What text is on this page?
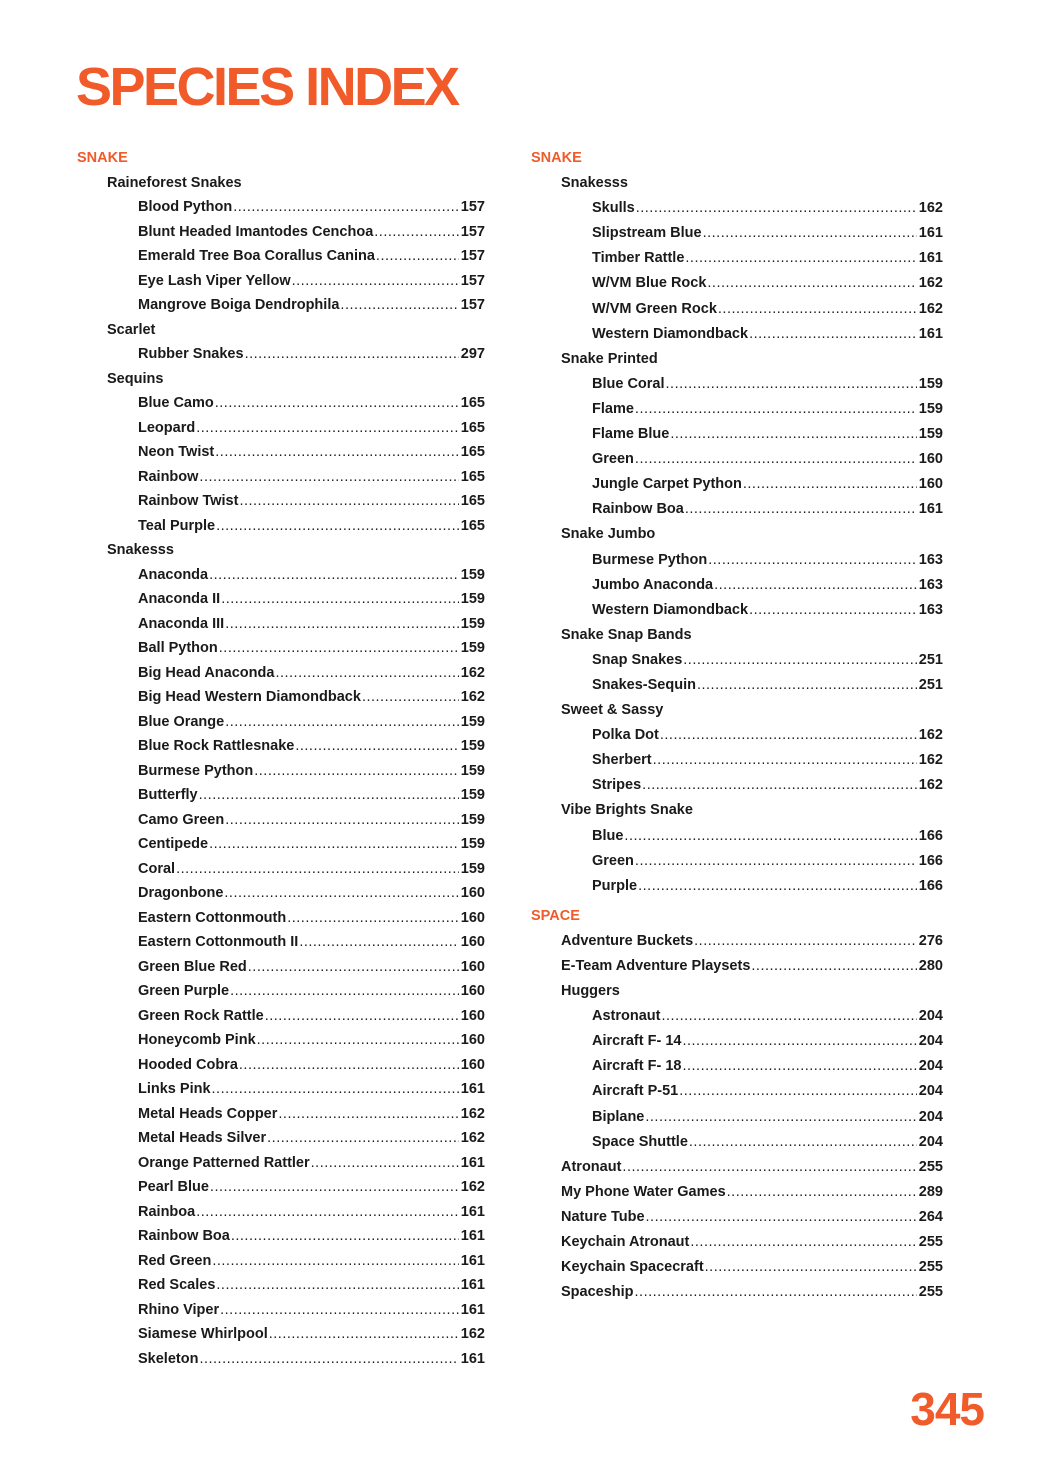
SPECIES INDEX
SNAKE
Raineforest Snakes
Blood Python .....	157
Blunt Headed Imantodes Cenchoa .....	157
Emerald Tree Boa Corallus Canina .....	157
Eye Lash Viper Yellow .....	157
Mangrove Boiga Dendrophila .....	157
Scarlet
Rubber Snakes .....	297
Sequins
Blue Camo .....	165
Leopard .....	165
Neon Twist .....	165
Rainbow .....	165
Rainbow Twist .....	165
Teal Purple .....	165
Snakesss
Anaconda .....	159
Anaconda II .....	159
Anaconda III .....	159
Ball Python .....	159
Big Head Anaconda .....	162
Big Head Western Diamondback .....	162
Blue Orange .....	159
Blue Rock Rattlesnake .....	159
Burmese Python .....	159
Butterfly .....	159
Camo Green .....	159
Centipede .....	159
Coral .....	159
Dragonbone .....	160
Eastern Cottonmouth .....	160
Eastern Cottonmouth II .....	160
Green Blue Red .....	160
Green Purple .....	160
Green Rock Rattle .....	160
Honeycomb Pink .....	160
Hooded Cobra .....	160
Links Pink .....	161
Metal Heads Copper .....	162
Metal Heads Silver .....	162
Orange Patterned Rattler .....	161
Pearl Blue .....	162
Rainboa .....	161
Rainbow Boa .....	161
Red Green .....	161
Red Scales .....	161
Rhino Viper .....	161
Siamese Whirlpool .....	162
Skeleton .....	161
SNAKE
Snakesss
Skulls .....	162
Slipstream Blue .....	161
Timber Rattle .....	161
W/VM Blue Rock .....	162
W/VM Green Rock .....	162
Western Diamondback .....	161
Snake Printed
Blue Coral .....	159
Flame .....	159
Flame Blue .....	159
Green .....	160
Jungle Carpet Python .....	160
Rainbow Boa .....	161
Snake Jumbo
Burmese Python .....	163
Jumbo Anaconda .....	163
Western Diamondback .....	163
Snake Snap Bands
Snap Snakes .....	251
Snakes-Sequin .....	251
Sweet & Sassy
Polka Dot .....	162
Sherbert .....	162
Stripes .....	162
Vibe Brights Snake
Blue .....	166
Green .....	166
Purple .....	166
SPACE
Adventure Buckets .....	276
E-Team Adventure Playsets .....	280
Huggers
Astronaut .....	204
Aircraft F- 14 .....	204
Aircraft F- 18 .....	204
Aircraft P-51 .....	204
Biplane .....	204
Space Shuttle .....	204
Atronaut .....	255
My Phone Water Games .....	289
Nature Tube .....	264
Keychain Atronaut .....	255
Keychain Spacecraft .....	255
Spaceship .....	255
345
